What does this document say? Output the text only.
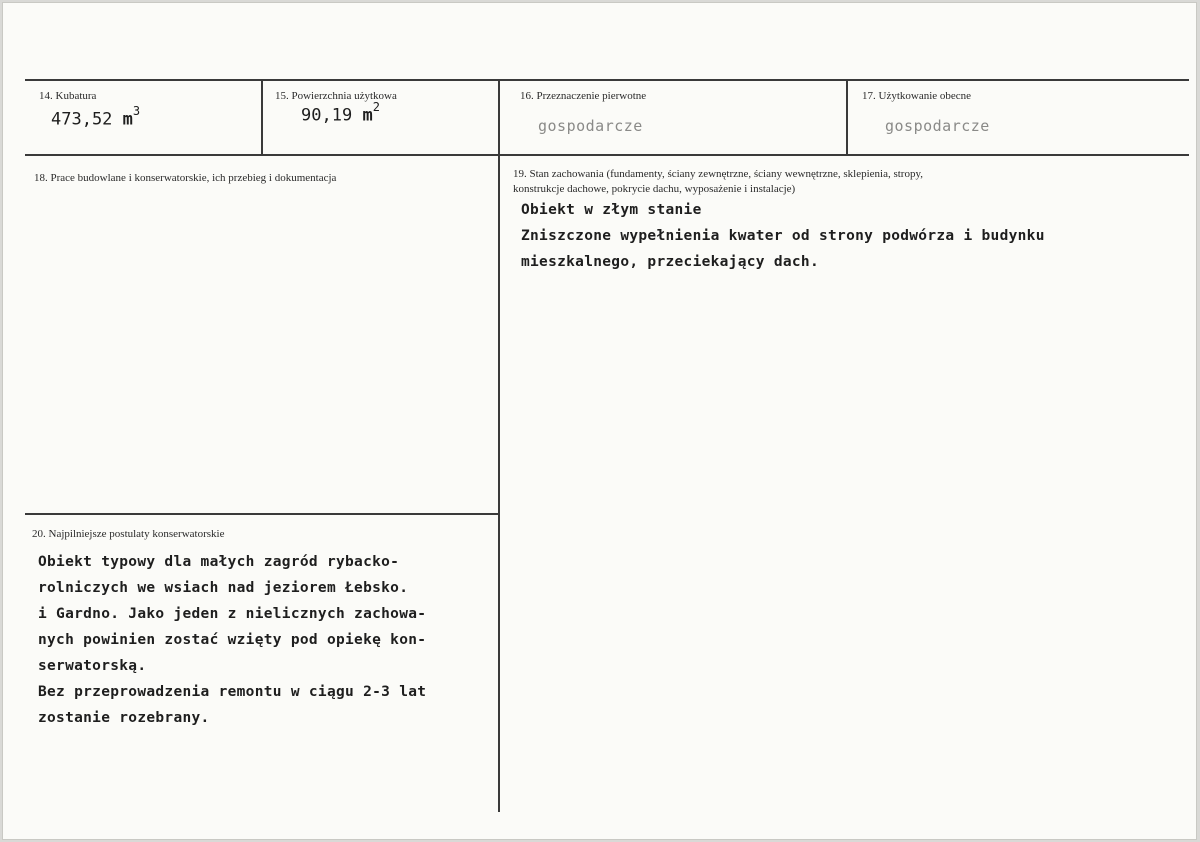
14. Kubatura
473,52 $m^3$
15. Powierzchnia użytkowa
90,19 $m^2$
16. Przeznaczenie pierwotne
gospodarcze
17. Użytkowanie obecne
gospodarcze
18. Prace budowlane i konserwatorskie, ich przebieg i dokumentacja	19. Stan zachowania (fundamenty, ściany zewnętrzne, ściany wewnętrzne, sklepienia, stropy,
konstrukcje dachowe, pokrycie dachu, wyposażenie i instalacje)
Obiekt w złym stanie
Zniszczone wypełnienia kwater od strony podwórza i budynku
mieszkalnego, przeciekający dach.
20. Najpilniejsze postulaty konserwatorskie
Obiekt typowy dla małych zagród rybacko-
rolniczych we wsiach nad jeziorem Łebsko.
i Gardno. Jako jeden z nielicznych zachowa-
nych powinien zostać wzięty pod opiekę kon-
serwatorską.
Bez przeprowadzenia remontu w ciągu 2-3 lat
zostanie rozebrany.
